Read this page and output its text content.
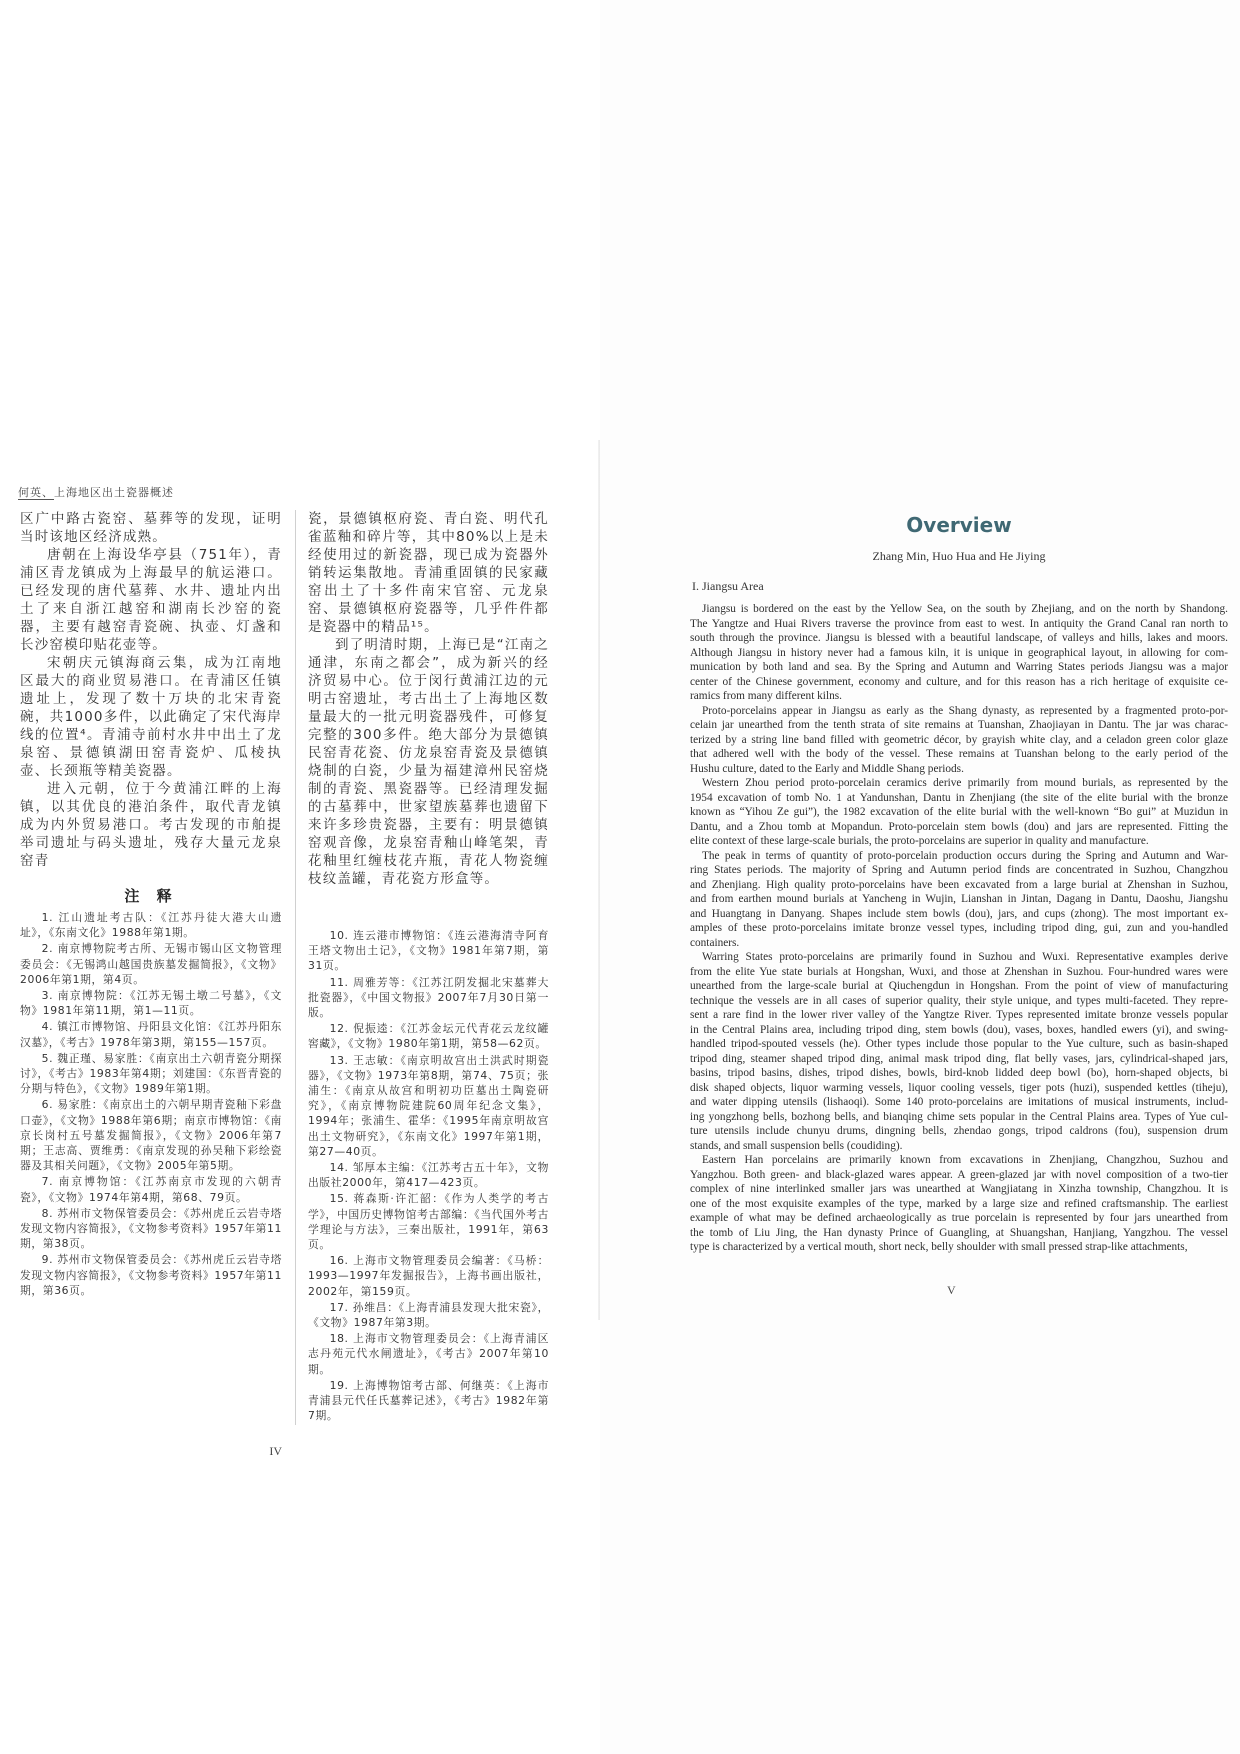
何英、上海地区出土瓷器概述

区广中路古瓷窑、墓葬等的发现，证明当时该地区经济成熟。

唐朝在上海设华亭县（751年），青浦区青龙镇成为上海最早的航运港口。已经发现的唐代墓葬、水井、遗址内出土了来自浙江越窑和湖南长沙窑的瓷器，主要有越窑青瓷碗、执壶、灯盏和长沙窑模印贴花壶等。

宋朝庆元镇海商云集，成为江南地区最大的商业贸易港口。在青浦区任镇遗址上，发现了数十万块的北宋青瓷碗，共1000多件，以此确定了宋代海岸线的位置⁴。青浦寺前村水井中出土了龙泉窑、景德镇湖田窑青瓷炉、瓜棱执壶、长颈瓶等精美瓷器。

进入元朝，位于今黄浦江畔的上海镇，以其优良的港泊条件，取代青龙镇成为内外贸易港口。考古发现的市舶提举司遗址与码头遗址，残存大量元龙泉窑青

注 释

1. 江山遗址考古队：《江苏丹徒大港大山遗址》，《东南文化》1988年第1期。

2. 南京博物院考古所、无锡市锡山区文物管理委员会：《无锡鸿山越国贵族墓发掘简报》，《文物》2006年第1期，第4页。

3. 南京博物院：《江苏无锡土墩二号墓》，《文物》1981年第11期，第1—11页。

4. 镇江市博物馆、丹阳县文化馆：《江苏丹阳东汉墓》，《考古》1978年第3期，第155—157页。

5. 魏正瑾、易家胜：《南京出土六朝青瓷分期探讨》，《考古》1983年第4期；刘建国：《东晋青瓷的分期与特色》，《文物》1989年第1期。

6. 易家胜：《南京出土的六朝早期青瓷釉下彩盘口壶》，《文物》1988年第6期；南京市博物馆：《南京长岗村五号墓发掘简报》，《文物》2006年第7期；王志高、贾维勇：《南京发现的孙吴釉下彩绘瓷器及其相关问题》，《文物》2005年第5期。

7. 南京博物馆：《江苏南京市发现的六朝青瓷》，《文物》1974年第4期，第68、79页。

8. 苏州市文物保管委员会：《苏州虎丘云岩寺塔发现文物内容简报》，《文物参考资料》1957年第11期，第38页。

9. 苏州市文物保管委员会：《苏州虎丘云岩寺塔发现文物内容简报》，《文物参考资料》1957年第11期，第36页。

瓷，景德镇枢府瓷、青白瓷、明代孔雀蓝釉和碎片等，其中80%以上是未经使用过的新瓷器，现已成为瓷器外销转运集散地。青浦重固镇的民家藏窑出土了十多件南宋官窑、元龙泉窑、景德镇枢府瓷器等，几乎件件都是瓷器中的精品¹⁵。

到了明清时期，上海已是“江南之通津，东南之都会”，成为新兴的经济贸易中心。位于闵行黄浦江边的元明古窑遗址，考古出土了上海地区数量最大的一批元明瓷器残件，可修复完整的300多件。绝大部分为景德镇民窑青花瓷、仿龙泉窑青瓷及景德镇烧制的白瓷，少量为福建漳州民窑烧制的青瓷、黑瓷器等。已经清理发掘的古墓葬中，世家望族墓葬也遗留下来许多珍贵瓷器，主要有：明景德镇窑观音像，龙泉窑青釉山峰笔架，青花釉里红缠枝花卉瓶，青花人物瓷缠枝纹盖罐，青花瓷方形盒等。

10. 连云港市博物馆：《连云港海清寺阿育王塔文物出土记》，《文物》1981年第7期，第31页。

11. 周雅芳等：《江苏江阴发掘北宋墓葬大批瓷器》，《中国文物报》2007年7月30日第一版。

12. 倪振逵：《江苏金坛元代青花云龙纹罐窖藏》，《文物》1980年第1期，第58—62页。

13. 王志敏：《南京明故宫出土洪武时期瓷器》，《文物》1973年第8期，第74、75页；张浦生：《南京从故宫和明初功臣墓出土陶瓷研究》，《南京博物院建院60周年纪念文集》，1994年；张浦生、霍华：《1995年南京明故宫出土文物研究》，《东南文化》1997年第1期，第27—40页。

14. 邹厚本主编：《江苏考古五十年》，文物出版社2000年，第417—423页。

15. 蒋森斯·许汇韶：《作为人类学的考古学》，中国历史博物馆考古部编：《当代国外考古学理论与方法》，三秦出版社，1991年，第63页。

16. 上海市文物管理委员会编著：《马桥：1993—1997年发掘报告》，上海书画出版社，2002年，第159页。

17. 孙维昌：《上海青浦县发现大批宋瓷》，《文物》1987年第3期。

18. 上海市文物管理委员会：《上海青浦区志丹苑元代水闸遗址》，《考古》2007年第10期。

19. 上海博物馆考古部、何继英：《上海市青浦县元代任氏墓葬记述》，《考古》1982年第7期。

IV
Overview
Zhang Min, Huo Hua and He Jiying
I. Jiangsu Area
Jiangsu is bordered on the east by the Yellow Sea, on the south by Zhejiang, and on the north by Shandong.
The Yangtze and Huai Rivers traverse the province from east to west. In antiquity the Grand Canal ran north to
south through the province. Jiangsu is blessed with a beautiful landscape, of valleys and hills, lakes and moors.
Although Jiangsu in history never had a famous kiln, it is unique in geographical layout, in allowing for com-
munication by both land and sea. By the Spring and Autumn and Warring States periods Jiangsu was a major
center of the Chinese government, economy and culture, and for this reason has a rich heritage of exquisite ce-
ramics from many different kilns.
Proto-porcelains appear in Jiangsu as early as the Shang dynasty, as represented by a fragmented proto-por-
celain jar unearthed from the tenth strata of site remains at Tuanshan, Zhaojiayan in Dantu. The jar was charac-
terized by a string line band filled with geometric décor, by grayish white clay, and a celadon green color glaze
that adhered well with the body of the vessel. These remains at Tuanshan belong to the early period of the
Hushu culture, dated to the Early and Middle Shang periods.
Western Zhou period proto-porcelain ceramics derive primarily from mound burials, as represented by the
1954 excavation of tomb No. 1 at Yandunshan, Dantu in Zhenjiang (the site of the elite burial with the bronze
known as “Yihou Ze gui”), the 1982 excavation of the elite burial with the well-known “Bo gui” at Muzidun in
Dantu, and a Zhou tomb at Mopandun. Proto-porcelain stem bowls (dou) and jars are represented. Fitting the
elite context of these large-scale burials, the proto-porcelains are superior in quality and manufacture.
The peak in terms of quantity of proto-porcelain production occurs during the Spring and Autumn and War-
ring States periods. The majority of Spring and Autumn period finds are concentrated in Suzhou, Changzhou
and Zhenjiang. High quality proto-porcelains have been excavated from a large burial at Zhenshan in Suzhou,
and from earthen mound burials at Yancheng in Wujin, Lianshan in Jintan, Dagang in Dantu, Daoshu, Jiangshu
and Huangtang in Danyang. Shapes include stem bowls (dou), jars, and cups (zhong). The most important ex-
amples of these proto-porcelains imitate bronze vessel types, including tripod ding, gui, zun and you-handled
containers.
Warring States proto-porcelains are primarily found in Suzhou and Wuxi. Representative examples derive
from the elite Yue state burials at Hongshan, Wuxi, and those at Zhenshan in Suzhou. Four-hundred wares were
unearthed from the large-scale burial at Qiuchengdun in Hongshan. From the point of view of manufacturing
technique the vessels are in all cases of superior quality, their style unique, and types multi-faceted. They repre-
sent a rare find in the lower river valley of the Yangtze River. Types represented imitate bronze vessels popular
in the Central Plains area, including tripod ding, stem bowls (dou), vases, boxes, handled ewers (yi), and swing-
handled tripod-spouted vessels (he). Other types include those popular to the Yue culture, such as basin-shaped
tripod ding, steamer shaped tripod ding, animal mask tripod ding, flat belly vases, jars, cylindrical-shaped jars,
basins, tripod basins, dishes, tripod dishes, bowls, bird-knob lidded deep bowl (bo), horn-shaped objects, bi
disk shaped objects, liquor warming vessels, liquor cooling vessels, tiger pots (huzi), suspended kettles (tiheju),
and water dipping utensils (lishaoqi). Some 140 proto-porcelains are imitations of musical instruments, includ-
ing yongzhong bells, bozhong bells, and bianqing chime sets popular in the Central Plains area. Types of Yue cul-
ture utensils include chunyu drums, dingning bells, zhendao gongs, tripod caldrons (fou), suspension drum
stands, and small suspension bells (coudiding).
Eastern Han porcelains are primarily known from excavations in Zhenjiang, Changzhou, Suzhou and
Yangzhou. Both green- and black-glazed wares appear. A green-glazed jar with novel composition of a two-tier
complex of nine interlinked smaller jars was unearthed at Wangjiatang in Xinzha township, Changzhou. It is
one of the most exquisite examples of the type, marked by a large size and refined craftsmanship. The earliest
example of what may be defined archaeologically as true porcelain is represented by four jars unearthed from
the tomb of Liu Jing, the Han dynasty Prince of Guangling, at Shuangshan, Hanjiang, Yangzhou. The vessel
type is characterized by a vertical mouth, short neck, belly shoulder with small pressed strap-like attachments,
V
